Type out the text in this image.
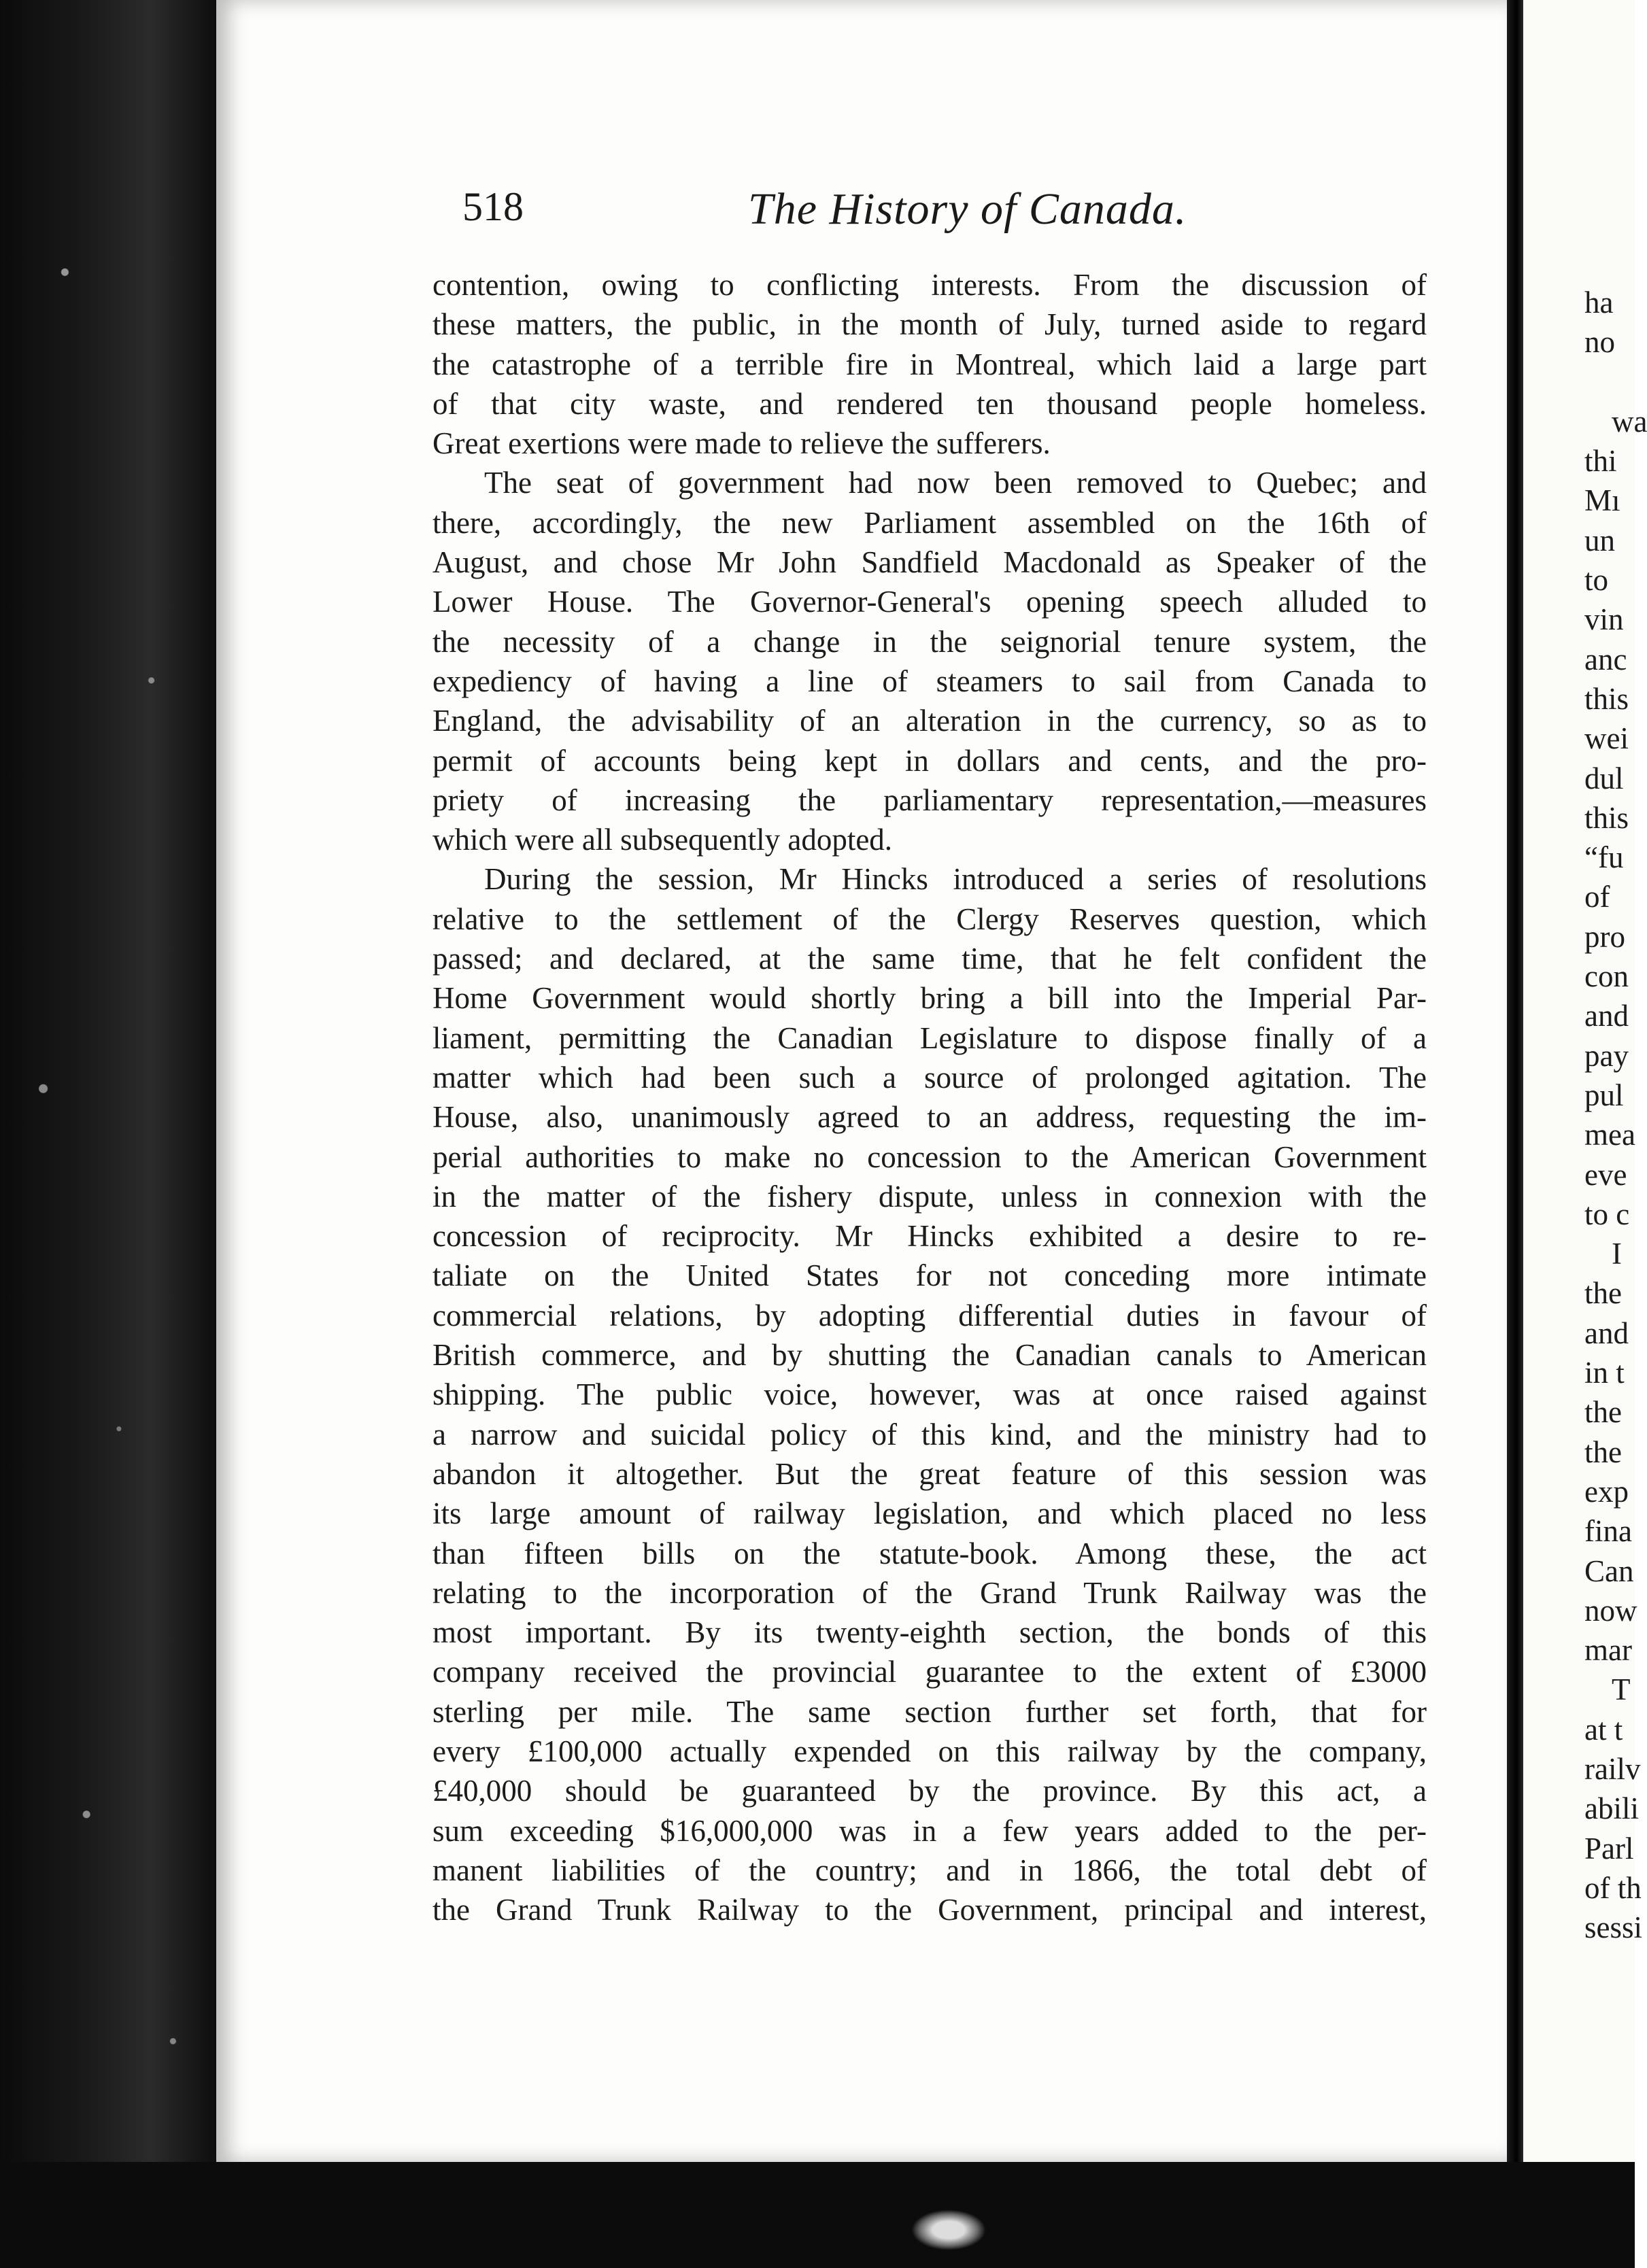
518	The History of Canada.
contention, owing to conflicting interests. From the discussion of
these matters, the public, in the month of July, turned aside to regard
the catastrophe of a terrible fire in Montreal, which laid a large part
of that city waste, and rendered ten thousand people homeless.
Great exertions were made to relieve the sufferers.
The seat of government had now been removed to Quebec; and
there, accordingly, the new Parliament assembled on the 16th of
August, and chose Mr John Sandfield Macdonald as Speaker of the
Lower House. The Governor-General's opening speech alluded to
the necessity of a change in the seignorial tenure system, the
expediency of having a line of steamers to sail from Canada to
England, the advisability of an alteration in the currency, so as to
permit of accounts being kept in dollars and cents, and the pro-
priety of increasing the parliamentary representation,—measures
which were all subsequently adopted.
During the session, Mr Hincks introduced a series of resolutions
relative to the settlement of the Clergy Reserves question, which
passed; and declared, at the same time, that he felt confident the
Home Government would shortly bring a bill into the Imperial Par-
liament, permitting the Canadian Legislature to dispose finally of a
matter which had been such a source of prolonged agitation. The
House, also, unanimously agreed to an address, requesting the im-
perial authorities to make no concession to the American Government
in the matter of the fishery dispute, unless in connexion with the
concession of reciprocity. Mr Hincks exhibited a desire to re-
taliate on the United States for not conceding more intimate
commercial relations, by adopting differential duties in favour of
British commerce, and by shutting the Canadian canals to American
shipping. The public voice, however, was at once raised against
a narrow and suicidal policy of this kind, and the ministry had to
abandon it altogether. But the great feature of this session was
its large amount of railway legislation, and which placed no less
than fifteen bills on the statute-book. Among these, the act
relating to the incorporation of the Grand Trunk Railway was the
most important. By its twenty-eighth section, the bonds of this
company received the provincial guarantee to the extent of £3000
sterling per mile. The same section further set forth, that for
every £100,000 actually expended on this railway by the company,
£40,000 should be guaranteed by the province. By this act, a
sum exceeding $16,000,000 was in a few years added to the per-
manent liabilities of the country; and in 1866, the total debt of
the Grand Trunk Railway to the Government, principal and interest,
ha
no
wa
thi
Mı
un
to
vin
anc
this
wei
dul
this
“fu
of
pro
con
and
pay
pul
mea
eve
to c
I
the
and
in t
the
the
exp
fina
Can
now
mar
T
at t
railv
abili
Parl
of th
sessi
